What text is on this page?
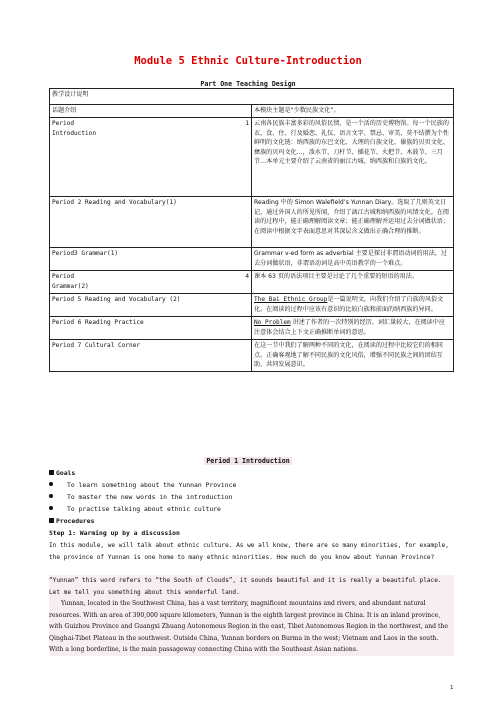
Module 5 Ethnic Culture-Introduction
Part One Teaching Design
教学设计说明	
话题介绍	本模块主题是“少数民族文化”。
Period 1

Introduction	云南各民族丰富多彩的风俗民情，是一个活的历史博物馆。每一个民族的衣、食、住、行及婚恋、礼仪、语言文字、禁忌、审美，莫不结撰为个性鲜明的文化链：纳西族的东巴文化、大理的白族文化、傣族的贝页文化、彝族的贝玛文化…，泼水节、刀杆节、插花节、火把节、木鼓节、三月节…本单元主要介绍了云南省的丽江古城、纳西族和白族的文化。
Period 2 Reading and Vocabulary(1)	Reading 中的 Simon Walefield’s Yunnan Diary。选取了几则英文日记，通过外国人的所见所闻，介绍了漓江古城和纳西族的风情文化。在阅读的过程中，能正确理解阅读文章；能正确理解并运用过去分词做状语；在阅读中根据文字表面意思对其深层含义做出正确合理的推断。
Period3 Grammar(1)	Grammar v-ed form as adverbial 主要是探讨非谓语动词的用法，过去分词做状语，非谓语动词是高中英语教学的一个难点。
Period 4

Grammar(2)	课本 63 页的语法项目主要是讨论了几个重要的短语的用法。
Period 5 Reading and Vocabulary (2)	The Bai Ethnic Group是一篇说明文，向我们介绍了白族的风俗文化。在阅读的过程中应该有意识的比较白族和前面的纳西族的异同。
Period 6 Reading Practice	No Problem 讲述了作者的一次特别的经历，词汇量较大，在阅读中应注意体会结合上下文正确推断单词的意思。
Period 7 Cultural Corner	在这一节中我们了解两种不同的文化，在阅读的过程中比较它们的相同点。正确客观地了解不同民族的文化风俗，增强不同民族之间的团结互助、共同发展意识。
Period 1 Introduction
Goals
To learn something about the Yunnan Province
To master the new words in the introduction
To practise talking about ethnic culture
Procedures
Step 1: Warming up by a discussion
In this module, we will talk about ethnic culture. As we all know, there are so many minorities, for example, the province of Yunnan is one home to many ethnic minorities. How much do you know about Yunnan Province?
“Yunnan” this word refers to “the South of Clouds”, it sounds beautiful and it is really a beautiful place. Let me tell you something about this wonderful land.
Yunnan, located in the Southwest China, has a vast territory, magnificent mountains and rivers, and abundant natural resources. With an area of 390,000 square kilometers, Yunnan is the eighth largest province in China. It is an inland province, with Guizhou Province and Guangxi Zhuang Autonomous Region in the east, Tibet Autonomous Region in the northwest, and the Qinghai-Tibet Plateau in the southwest. Outside China, Yunnan borders on Burma in the west; Vietnam and Laos in the south. With a long borderline, is the main passageway connecting China with the Southeast Asian nations.
1
